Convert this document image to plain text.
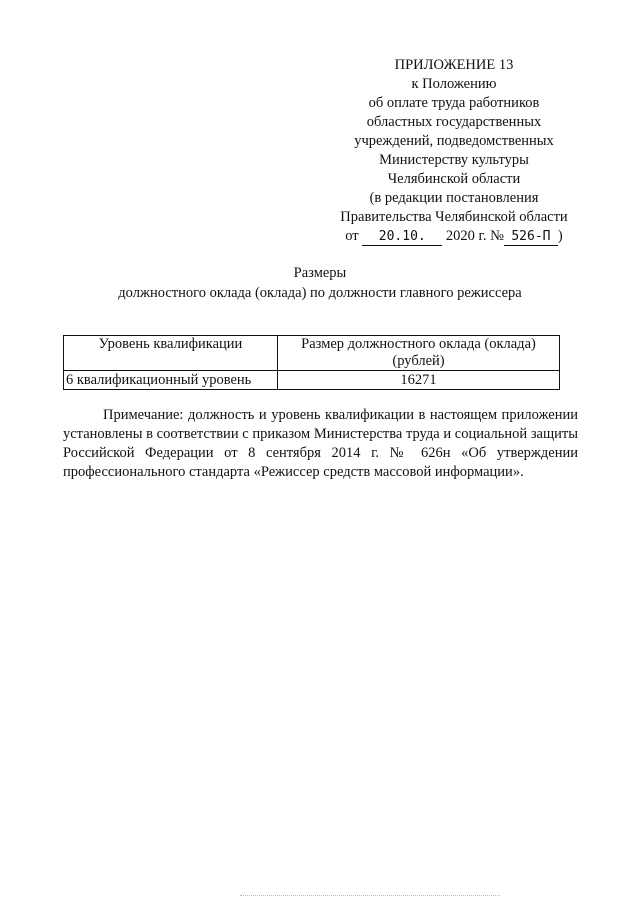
ПРИЛОЖЕНИЕ 13
к Положению
об оплате труда работников
областных государственных
учреждений, подведомственных
Министерству культуры
Челябинской области
(в редакции постановления
Правительства Челябинской области
от 20.10. 2020 г. № 526-П )
Размеры
должностного оклада (оклада) по должности главного режиссера
Уровень квалификации	Размер должностного оклада (оклада) (рублей)
6 квалификационный уровень	16271
Примечание: должность и уровень квалификации в настоящем приложении установлены в соответствии с приказом Министерства труда и социальной защиты Российской Федерации от 8 сентября 2014 г. № 626н «Об утверждении профессионального стандарта «Режиссер средств массовой информации».
